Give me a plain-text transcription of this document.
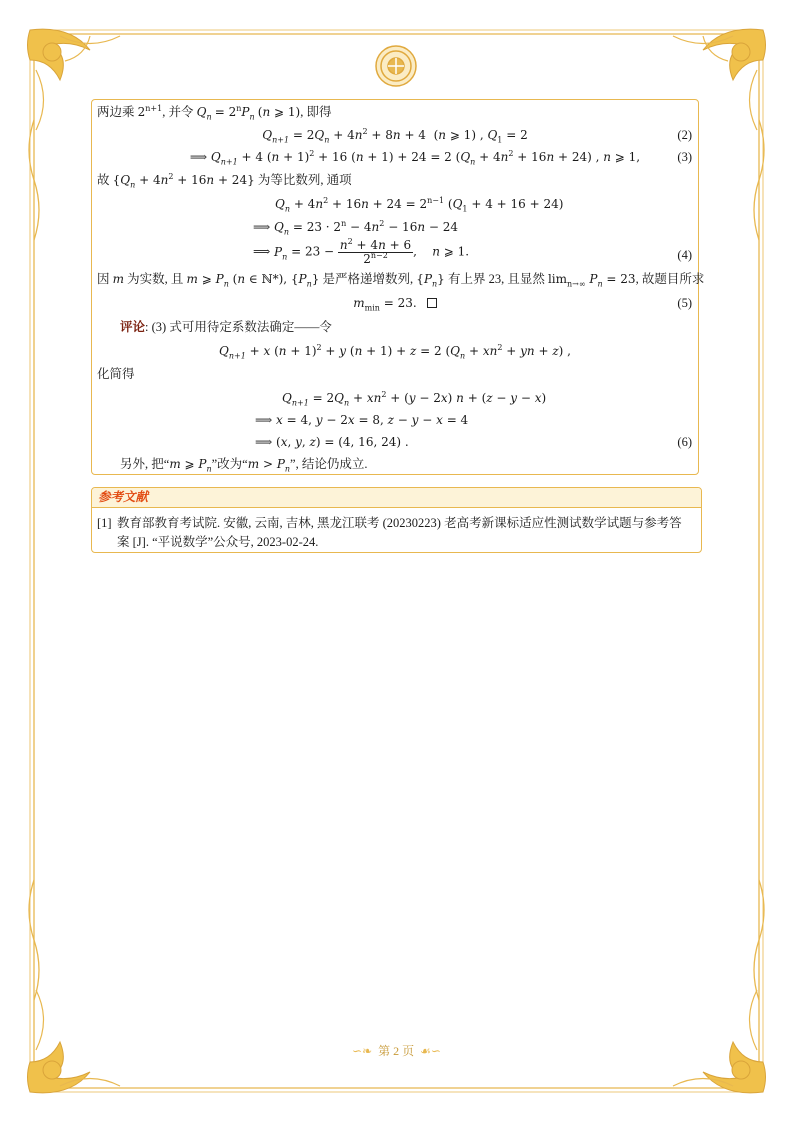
两边乘 $2^{n+1}$, 并令 $Q_n = 2^nP_n$ (n ⩾ 1), 即得
$Q_{n+1} = 2Q_n + 4n^2 + 8n + 4$  (n ⩾ 1) , $Q_1 = 2$	(2)
⟹ $Q_{n+1} + 4$ $(n + 1)^2 + 16$ (n + 1) + 24 = 2 $(Q_n + 4n^2 + 16n + 24)$ , n ⩾ 1,	(3)
故 $\{Q_n + 4n^2 + 16n + 24\}$ 为等比数列, 通项
$Q_n + 4n^2 + 16n + 24 = 2^{n-1}$ $(Q_1 + 4 + 16 + 24)$
⟹ $Q_n = 23 \cdot 2^n - 4n^2 - 16n - 24$
⟹ $P_n = 23 - \frac{n^2 + 4n + 6}{2^{n-2}}$ ,    n ⩾ 1.	(4)
因 m 为实数, 且 m ⩾ $P_n$ (n ∈ ℕ*), $\{P_n\}$ 是严格递增数列, $\{P_n\}$ 有上界 23, 且显然 $\lim_{n\to\infty} P_n = 23$, 故题目所求
$m_{min} = 23$.	(5)
评论: (3) 式可用待定系数法确定——令
$Q_{n+1} + x$ $(n + 1)^2 + y$ (n + 1) + z = 2 ($Q_n + xn^2$ + yn + z) ,
化简得
$Q_{n+1} = 2Q_n + xn^2 + (y - 2x) n + (z - y - x)$
⟹ x = 4, y − 2x = 8, z − y − x = 4
⟹ (x, y, z) = (4, 16, 24) .	(6)
另外, 把“m ⩾ $P_n$”改为“$m > P_n$”, 结论仍成立.
参考文献
[1] 教育部教育考试院. 安徽, 云南, 吉林, 黑龙江联考 (20230223) 老高考新课标适应性测试数学试题与参考答
案 [J]. “平说数学”公众号, 2023-02-24.
∽❧ 第 2 页 ☙∽
